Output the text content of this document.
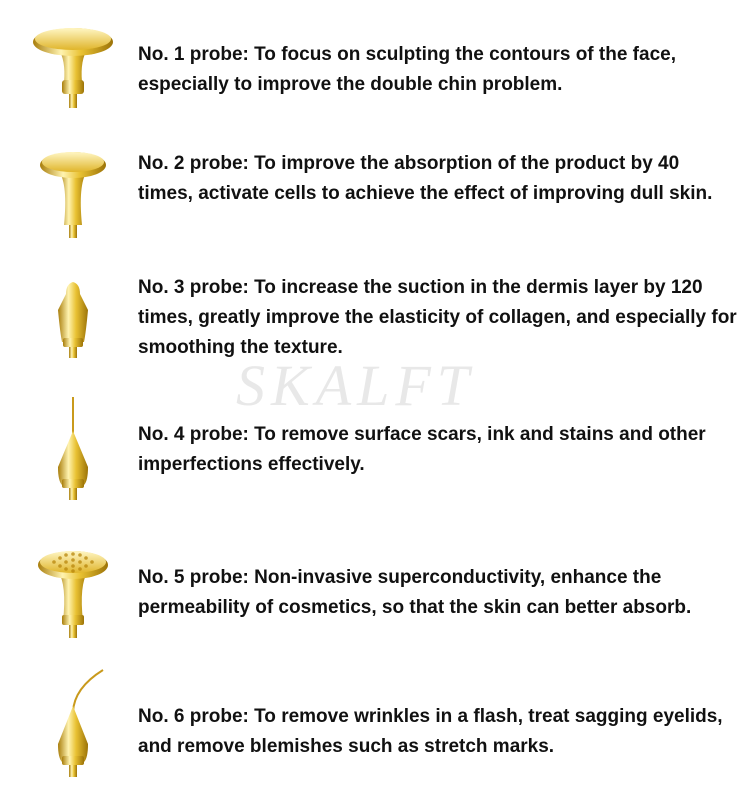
SKALFT

No. 1 probe: To focus on sculpting the contours of the face, especially to improve the double chin problem.

No. 2 probe: To improve the absorption of the product by 40 times, activate cells to achieve the effect of improving dull skin.

No. 3 probe: To increase the suction in the dermis layer by 120 times, greatly improve the elasticity of collagen, and especially for smoothing the texture.

No. 4 probe: To remove surface scars, ink and stains and other imperfections effectively.

No. 5 probe: Non-invasive superconductivity, enhance the permeability of cosmetics, so that the skin can better absorb.

No. 6 probe: To remove wrinkles in a flash, treat sagging eyelids, and remove blemishes such as stretch marks.
